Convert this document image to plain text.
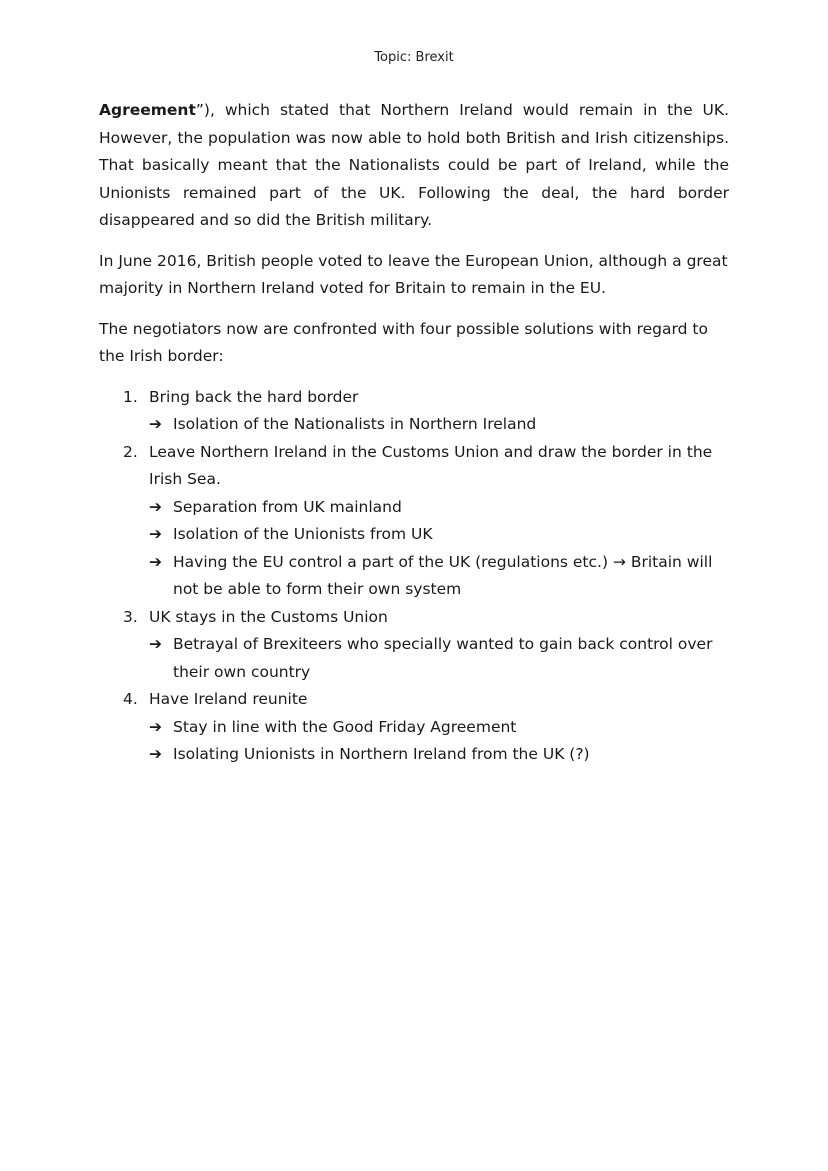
Topic: Brexit

Agreement”), which stated that Northern Ireland would remain in the UK. However, the population was now able to hold both British and Irish citizenships. That basically meant that the Nationalists could be part of Ireland, while the Unionists remained part of the UK. Following the deal, the hard border disappeared and so did the British military.

In June 2016, British people voted to leave the European Union, although a great majority in Northern Ireland voted for Britain to remain in the EU.

The negotiators now are confronted with four possible solutions with regard to the Irish border:

1. Bring back the hard border
➔ Isolation of the Nationalists in Northern Ireland
2. Leave Northern Ireland in the Customs Union and draw the border in the Irish Sea.
➔ Separation from UK mainland
➔ Isolation of the Unionists from UK
➔ Having the EU control a part of the UK (regulations etc.) → Britain will not be able to form their own system
3. UK stays in the Customs Union
➔ Betrayal of Brexiteers who specially wanted to gain back control over their own country
4. Have Ireland reunite
➔ Stay in line with the Good Friday Agreement
➔ Isolating Unionists in Northern Ireland from the UK (?)
